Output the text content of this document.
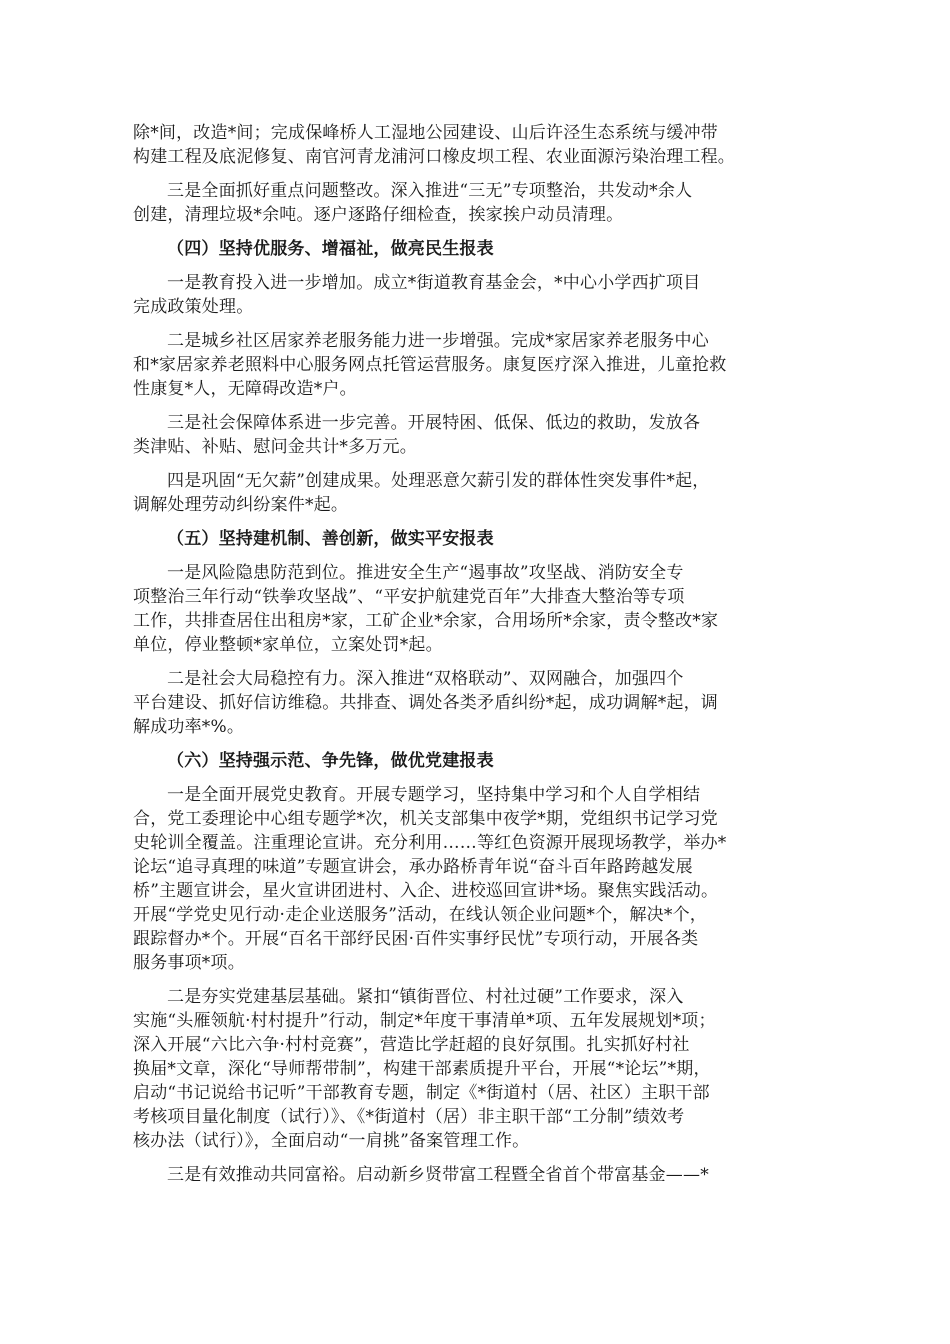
除*间，改造*间；完成保峰桥人工湿地公园建设、山后许泾生态系统与缓冲带
构建工程及底泥修复、南官河青龙浦河口橡皮坝工程、农业面源污染治理工程。
三是全面抓好重点问题整改。深入推进“三无”专项整治，共发动*余人
创建，清理垃圾*余吨。逐户逐路仔细检查，挨家挨户动员清理。
（四）坚持优服务、增福祉，做亮民生报表
一是教育投入进一步增加。成立*街道教育基金会，*中心小学西扩项目
完成政策处理。
二是城乡社区居家养老服务能力进一步增强。完成*家居家养老服务中心
和*家居家养老照料中心服务网点托管运营服务。康复医疗深入推进，儿童抢救
性康复*人，无障碍改造*户。
三是社会保障体系进一步完善。开展特困、低保、低边的救助，发放各
类津贴、补贴、慰问金共计*多万元。
四是巩固“无欠薪”创建成果。处理恶意欠薪引发的群体性突发事件*起，
调解处理劳动纠纷案件*起。
（五）坚持建机制、善创新，做实平安报表
一是风险隐患防范到位。推进安全生产“遏事故”攻坚战、消防安全专
项整治三年行动“铁拳攻坚战”、“平安护航建党百年”大排查大整治等专项
工作，共排查居住出租房*家，工矿企业*余家，合用场所*余家，责令整改*家
单位，停业整顿*家单位，立案处罚*起。
二是社会大局稳控有力。深入推进“双格联动”、双网融合，加强四个
平台建设、抓好信访维稳。共排查、调处各类矛盾纠纷*起，成功调解*起，调
解成功率*%。
（六）坚持强示范、争先锋，做优党建报表
一是全面开展党史教育。开展专题学习，坚持集中学习和个人自学相结
合，党工委理论中心组专题学*次，机关支部集中夜学*期，党组织书记学习党
史轮训全覆盖。注重理论宣讲。充分利用……等红色资源开展现场教学，举办*
论坛“追寻真理的味道”专题宣讲会，承办路桥青年说“奋斗百年路跨越发展
桥”主题宣讲会，星火宣讲团进村、入企、进校巡回宣讲*场。聚焦实践活动。
开展“学党史见行动·走企业送服务”活动，在线认领企业问题*个，解决*个，
跟踪督办*个。开展“百名干部纾民困·百件实事纾民忧”专项行动，开展各类
服务事项*项。
二是夯实党建基层基础。紧扣“镇街晋位、村社过硬”工作要求，深入
实施“头雁领航·村村提升”行动，制定*年度干事清单*项、五年发展规划*项；
深入开展“六比六争·村村竞赛”，营造比学赶超的良好氛围。扎实抓好村社
换届*文章，深化“导师帮带制”，构建干部素质提升平台，开展“*论坛”*期，
启动“书记说给书记听”干部教育专题，制定《*街道村（居、社区）主职干部
考核项目量化制度（试行）》、《*街道村（居）非主职干部“工分制”绩效考
核办法（试行）》，全面启动“一肩挑”备案管理工作。
三是有效推动共同富裕。启动新乡贤带富工程暨全省首个带富基金——*
